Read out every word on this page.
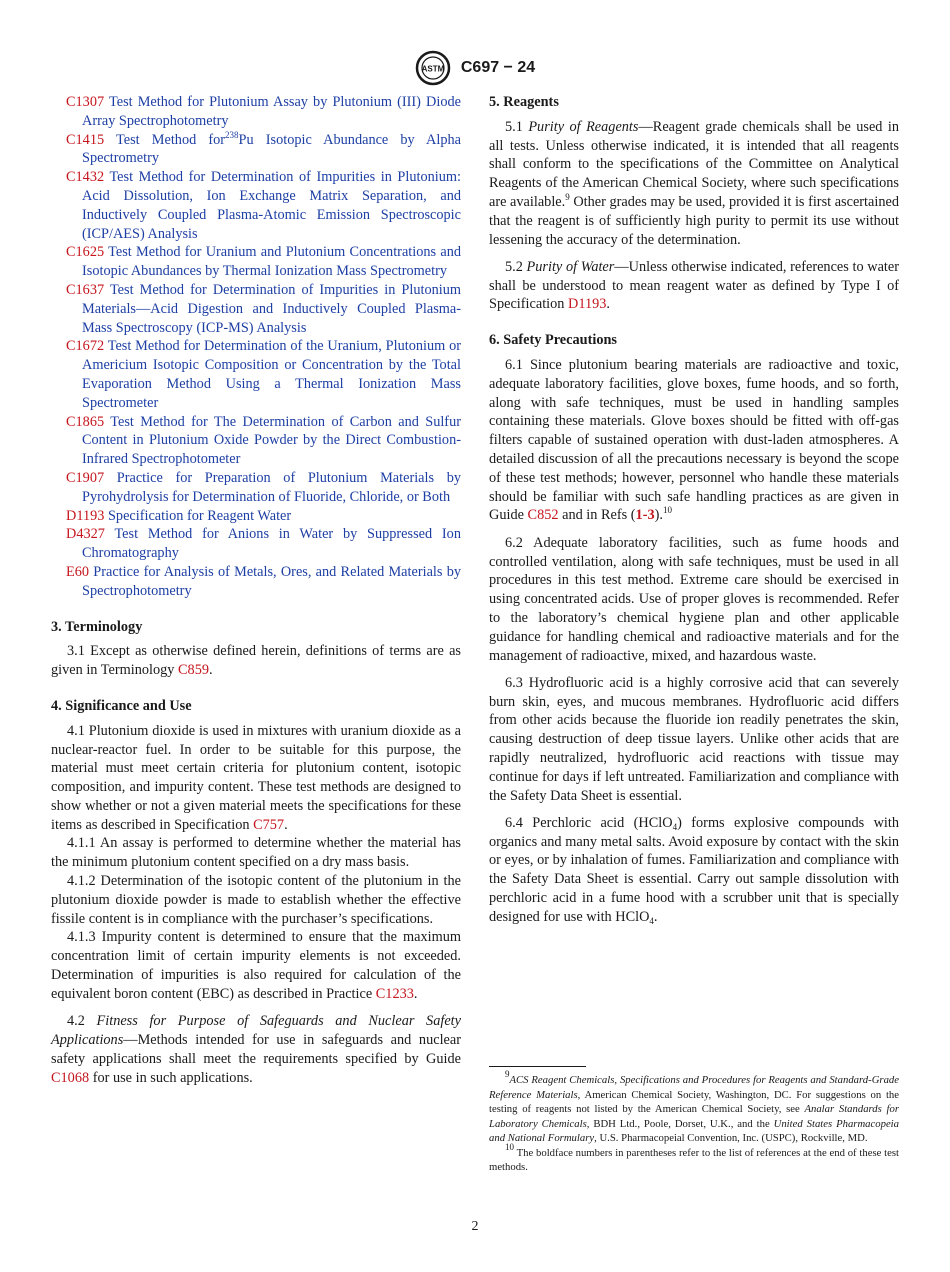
ASTM C697 − 24
C1307 Test Method for Plutonium Assay by Plutonium (III) Diode Array Spectrophotometry
C1415 Test Method for$^{238}$Pu Isotopic Abundance by Alpha Spectrometry
C1432 Test Method for Determination of Impurities in Plutonium: Acid Dissolution, Ion Exchange Matrix Separation, and Inductively Coupled Plasma-Atomic Emission Spectroscopic (ICP/AES) Analysis
C1625 Test Method for Uranium and Plutonium Concentrations and Isotopic Abundances by Thermal Ionization Mass Spectrometry
C1637 Test Method for Determination of Impurities in Plutonium Materials—Acid Digestion and Inductively Coupled Plasma-Mass Spectroscopy (ICP-MS) Analysis
C1672 Test Method for Determination of the Uranium, Plutonium or Americium Isotopic Composition or Concentration by the Total Evaporation Method Using a Thermal Ionization Mass Spectrometer
C1865 Test Method for The Determination of Carbon and Sulfur Content in Plutonium Oxide Powder by the Direct Combustion-Infrared Spectrophotometer
C1907 Practice for Preparation of Plutonium Materials by Pyrohydrolysis for Determination of Fluoride, Chloride, or Both
D1193 Specification for Reagent Water
D4327 Test Method for Anions in Water by Suppressed Ion Chromatography
E60 Practice for Analysis of Metals, Ores, and Related Materials by Spectrophotometry
3. Terminology

3.1 Except as otherwise defined herein, definitions of terms are as given in Terminology C859.

4. Significance and Use

4.1 Plutonium dioxide is used in mixtures with uranium dioxide as a nuclear-reactor fuel. In order to be suitable for this purpose, the material must meet certain criteria for plutonium content, isotopic composition, and impurity content. These test methods are designed to show whether or not a given material meets the specifications for these items as described in Specification C757.

4.1.1 An assay is performed to determine whether the material has the minimum plutonium content specified on a dry mass basis.

4.1.2 Determination of the isotopic content of the plutonium in the plutonium dioxide powder is made to establish whether the effective fissile content is in compliance with the purchaser’s specifications.

4.1.3 Impurity content is determined to ensure that the maximum concentration limit of certain impurity elements is not exceeded. Determination of impurities is also required for calculation of the equivalent boron content (EBC) as described in Practice C1233.

4.2 Fitness for Purpose of Safeguards and Nuclear Safety Applications—Methods intended for use in safeguards and nuclear safety applications shall meet the requirements specified by Guide C1068 for use in such applications.

5. Reagents

5.1 Purity of Reagents—Reagent grade chemicals shall be used in all tests. Unless otherwise indicated, it is intended that all reagents shall conform to the specifications of the Committee on Analytical Reagents of the American Chemical Society, where such specifications are available.$^9$ Other grades may be used, provided it is first ascertained that the reagent is of sufficiently high purity to permit its use without lessening the accuracy of the determination.

5.2 Purity of Water—Unless otherwise indicated, references to water shall be understood to mean reagent water as defined by Type I of Specification D1193.

6. Safety Precautions

6.1 Since plutonium bearing materials are radioactive and toxic, adequate laboratory facilities, glove boxes, fume hoods, and so forth, along with safe techniques, must be used in handling samples containing these materials. Glove boxes should be fitted with off-gas filters capable of sustained operation with dust-laden atmospheres. A detailed discussion of all the precautions necessary is beyond the scope of these test methods; however, personnel who handle these materials should be familiar with such safe handling practices as are given in Guide C852 and in Refs (1-3).$^{10}$

6.2 Adequate laboratory facilities, such as fume hoods and controlled ventilation, along with safe techniques, must be used in all procedures in this test method. Extreme care should be exercised in using concentrated acids. Use of proper gloves is recommended. Refer to the laboratory’s chemical hygiene plan and other applicable guidance for handling chemical and radioactive materials and for the management of radioactive, mixed, and hazardous waste.

6.3 Hydrofluoric acid is a highly corrosive acid that can severely burn skin, eyes, and mucous membranes. Hydrofluoric acid differs from other acids because the fluoride ion readily penetrates the skin, causing destruction of deep tissue layers. Unlike other acids that are rapidly neutralized, hydrofluoric acid reactions with tissue may continue for days if left untreated. Familiarization and compliance with the Safety Data Sheet is essential.

6.4 Perchloric acid (HClO$_4$) forms explosive compounds with organics and many metal salts. Avoid exposure by contact with the skin or eyes, or by inhalation of fumes. Familiarization and compliance with the Safety Data Sheet is essential. Carry out sample dissolution with perchloric acid in a fume hood with a scrubber unit that is specially designed for use with HClO$_4$.

$^9$ACS Reagent Chemicals, Specifications and Procedures for Reagents and Standard-Grade Reference Materials, American Chemical Society, Washington, DC. For suggestions on the testing of reagents not listed by the American Chemical Society, see Analar Standards for Laboratory Chemicals, BDH Ltd., Poole, Dorset, U.K., and the United States Pharmacopeia and National Formulary, U.S. Pharmacopeial Convention, Inc. (USPC), Rockville, MD.

$^{10}$ The boldface numbers in parentheses refer to the list of references at the end of these test methods.

2
